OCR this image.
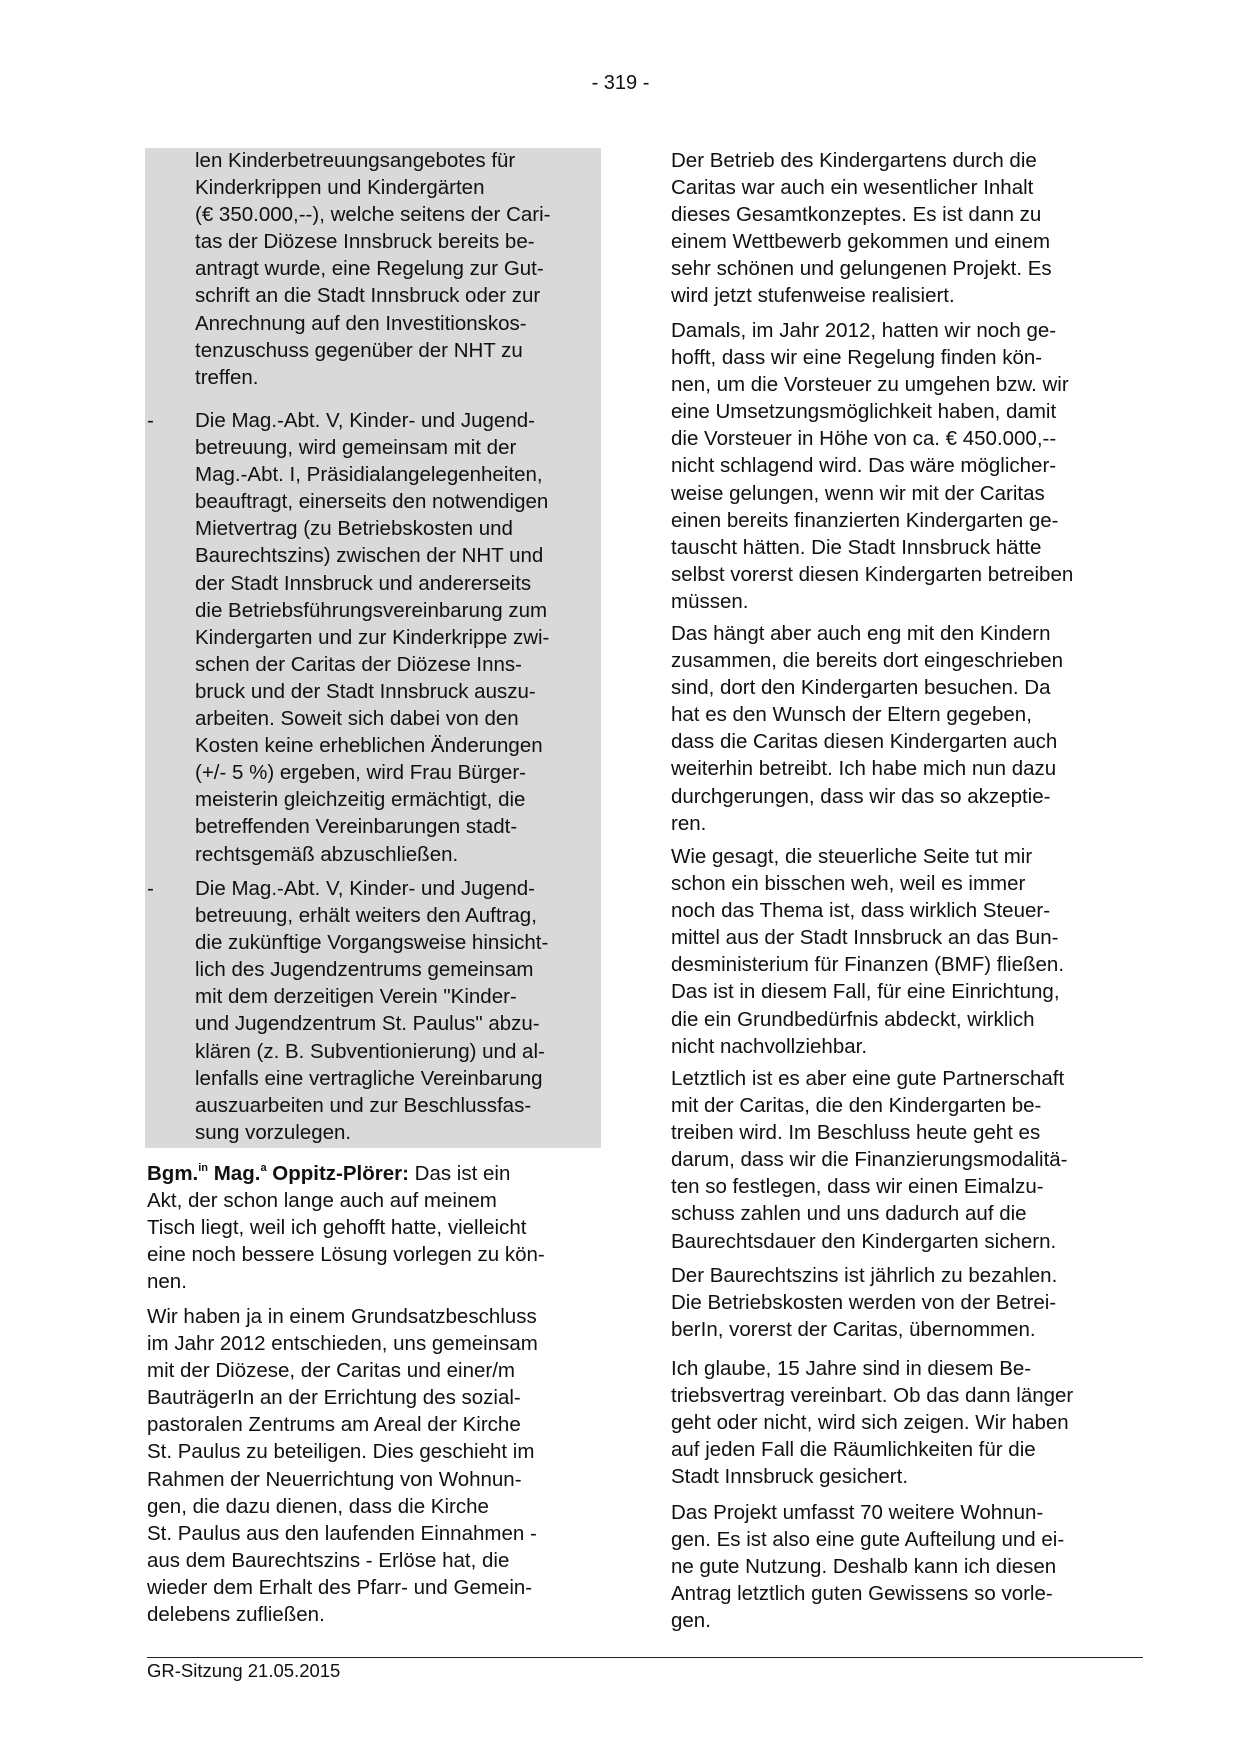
- 319 -
len Kinderbetreuungsangebotes für
Kinderkrippen und Kindergärten
(€ 350.000,--), welche seitens der Cari-
tas der Diözese Innsbruck bereits be-
antragt wurde, eine Regelung zur Gut-
schrift an die Stadt Innsbruck oder zur
Anrechnung auf den Investitionskos-
tenzuschuss gegenüber der NHT zu
treffen.
- Die Mag.-Abt. V, Kinder- und Jugend-
betreuung, wird gemeinsam mit der
Mag.-Abt. I, Präsidialangelegenheiten,
beauftragt, einerseits den notwendigen
Mietvertrag (zu Betriebskosten und
Baurechtszins) zwischen der NHT und
der Stadt Innsbruck und andererseits
die Betriebsführungsvereinbarung zum
Kindergarten und zur Kinderkrippe zwi-
schen der Caritas der Diözese Inns-
bruck und der Stadt Innsbruck auszu-
arbeiten. Soweit sich dabei von den
Kosten keine erheblichen Änderungen
(+/- 5 %) ergeben, wird Frau Bürger-
meisterin gleichzeitig ermächtigt, die
betreffenden Vereinbarungen stadt-
rechtsgemäß abzuschließen.
- Die Mag.-Abt. V, Kinder- und Jugend-
betreuung, erhält weiters den Auftrag,
die zukünftige Vorgangsweise hinsicht-
lich des Jugendzentrums gemeinsam
mit dem derzeitigen Verein "Kinder-
und Jugendzentrum St. Paulus" abzu-
klären (z. B. Subventionierung) und al-
lenfalls eine vertragliche Vereinbarung
auszuarbeiten und zur Beschlussfas-
sung vorzulegen.
Bgm.$^{in}$ Mag.$^a$ Oppitz-Plörer: Das ist ein
Akt, der schon lange auch auf meinem
Tisch liegt, weil ich gehofft hatte, vielleicht
eine noch bessere Lösung vorlegen zu kön-
nen.
Wir haben ja in einem Grundsatzbeschluss
im Jahr 2012 entschieden, uns gemeinsam
mit der Diözese, der Caritas und einer/m
BauträgerIn an der Errichtung des sozial-
pastoralen Zentrums am Areal der Kirche
St. Paulus zu beteiligen. Dies geschieht im
Rahmen der Neuerrichtung von Wohnun-
gen, die dazu dienen, dass die Kirche
St. Paulus aus den laufenden Einnahmen -
aus dem Baurechtszins - Erlöse hat, die
wieder dem Erhalt des Pfarr- und Gemein-
delebens zufließen.
Der Betrieb des Kindergartens durch die
Caritas war auch ein wesentlicher Inhalt
dieses Gesamtkonzeptes. Es ist dann zu
einem Wettbewerb gekommen und einem
sehr schönen und gelungenen Projekt. Es
wird jetzt stufenweise realisiert.
Damals, im Jahr 2012, hatten wir noch ge-
hofft, dass wir eine Regelung finden kön-
nen, um die Vorsteuer zu umgehen bzw. wir
eine Umsetzungsmöglichkeit haben, damit
die Vorsteuer in Höhe von ca. € 450.000,--
nicht schlagend wird. Das wäre möglicher-
weise gelungen, wenn wir mit der Caritas
einen bereits finanzierten Kindergarten ge-
tauscht hätten. Die Stadt Innsbruck hätte
selbst vorerst diesen Kindergarten betreiben
müssen.
Das hängt aber auch eng mit den Kindern
zusammen, die bereits dort eingeschrieben
sind, dort den Kindergarten besuchen. Da
hat es den Wunsch der Eltern gegeben,
dass die Caritas diesen Kindergarten auch
weiterhin betreibt. Ich habe mich nun dazu
durchgerungen, dass wir das so akzeptie-
ren.
Wie gesagt, die steuerliche Seite tut mir
schon ein bisschen weh, weil es immer
noch das Thema ist, dass wirklich Steuer-
mittel aus der Stadt Innsbruck an das Bun-
desministerium für Finanzen (BMF) fließen.
Das ist in diesem Fall, für eine Einrichtung,
die ein Grundbedürfnis abdeckt, wirklich
nicht nachvollziehbar.
Letztlich ist es aber eine gute Partnerschaft
mit der Caritas, die den Kindergarten be-
treiben wird. Im Beschluss heute geht es
darum, dass wir die Finanzierungsmodalitä-
ten so festlegen, dass wir einen Eimalzu-
schuss zahlen und uns dadurch auf die
Baurechtsdauer den Kindergarten sichern.
Der Baurechtszins ist jährlich zu bezahlen.
Die Betriebskosten werden von der Betrei-
berIn, vorerst der Caritas, übernommen.
Ich glaube, 15 Jahre sind in diesem Be-
triebsvertrag vereinbart. Ob das dann länger
geht oder nicht, wird sich zeigen. Wir haben
auf jeden Fall die Räumlichkeiten für die
Stadt Innsbruck gesichert.
Das Projekt umfasst 70 weitere Wohnun-
gen. Es ist also eine gute Aufteilung und ei-
ne gute Nutzung. Deshalb kann ich diesen
Antrag letztlich guten Gewissens so vorle-
gen.
GR-Sitzung 21.05.2015
